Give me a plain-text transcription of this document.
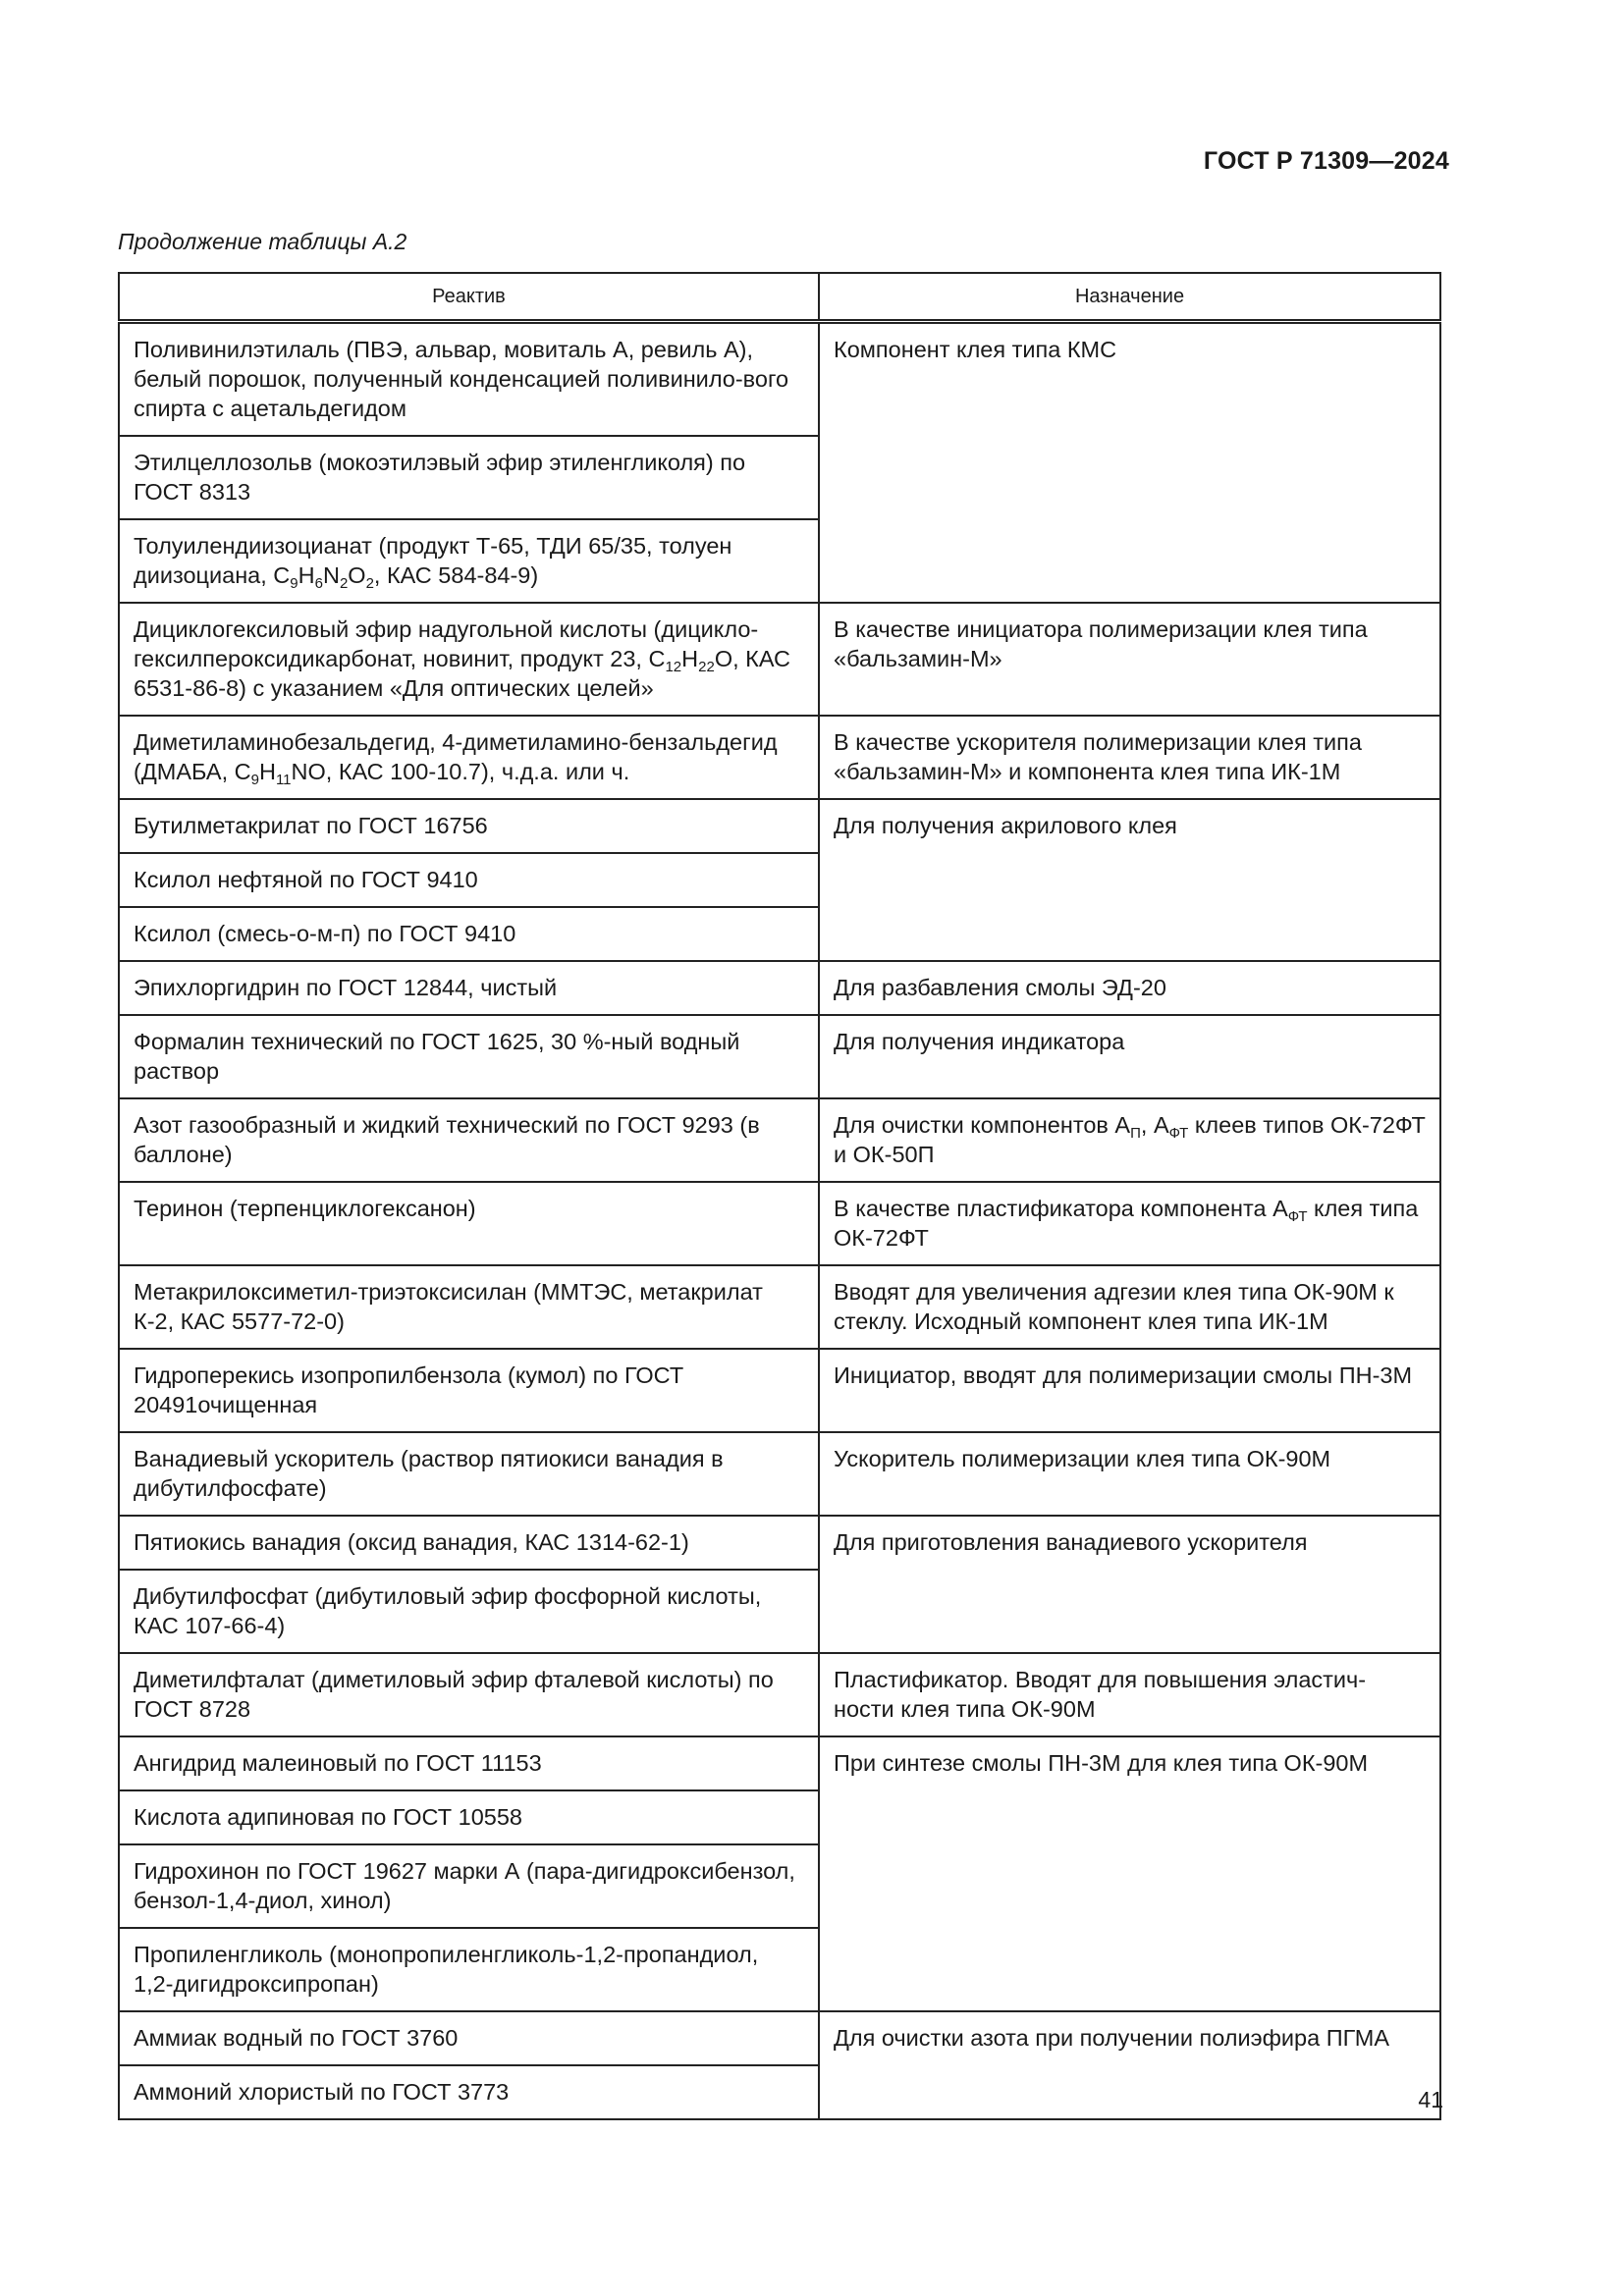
ГОСТ Р 71309—2024
Продолжение таблицы А.2
Реактив	Назначение
Поливинилэтилаль (ПВЭ, альвар, мовиталь А, ревиль А), белый порошок, полученный конденсацией поливинило-вого спирта с ацетальдегидом	Компонент клея типа КМС
Этилцеллозольв (мокоэтилэвый эфир этиленгликоля) по ГОСТ 8313	
Толуилендиизоцианат (продукт Т-65, ТДИ 65/35, толуен диизоциана, $C_9H_6N_2O_2$, КАС 584-84-9)	
Дициклогексиловый эфир надугольной кислоты (дицикло-гексилпероксидикарбонат, новинит, продукт 23, $C_{12}H_{22}O$, КАС 6531-86-8) с указанием «Для оптических целей»	В качестве инициатора полимеризации клея типа «бальзамин-М»
Диметиламинобезальдегид, 4-диметиламино-бензальдегид (ДМАБА, $C_9H_{11}NO$, КАС 100-10.7), ч.д.а. или ч.	В качестве ускорителя полимеризации клея типа «бальзамин-М» и компонента клея типа ИК-1М
Бутилметакрилат по ГОСТ 16756	Для получения акрилового клея
Ксилол нефтяной по ГОСТ 9410	
Ксилол (смесь-о-м-п) по ГОСТ 9410	
Эпихлоргидрин по ГОСТ 12844, чистый	Для разбавления смолы ЭД-20
Формалин технический по ГОСТ 1625, 30 %-ный водный раствор	Для получения индикатора
Азот газообразный и жидкий технический по ГОСТ 9293 (в баллоне)	Для очистки компонентов $А_П$, $А_{ФТ}$ клеев типов ОК-72ФТ и ОК-50П
Теринон (терпенциклогексанон)	В качестве пластификатора компонента $А_{ФТ}$ клея типа ОК-72ФТ
Метакрилоксиметил-триэтоксисилан (ММТЭС, метакрилат К-2, КАС 5577-72-0)	Вводят для увеличения адгезии клея типа ОК-90М к стеклу. Исходный компонент клея типа ИК-1М
Гидроперекись изопропилбензола (кумол) по ГОСТ 20491очищенная	Инициатор, вводят для полимеризации смолы ПН-3М
Ванадиевый ускоритель (раствор пятиокиси ванадия в дибутилфосфате)	Ускоритель полимеризации клея типа ОК-90М
Пятиокись ванадия (оксид ванадия, КАС 1314-62-1)	Для приготовления ванадиевого ускорителя
Дибутилфосфат (дибутиловый эфир фосфорной кислоты, КАС 107-66-4)	
Диметилфталат (диметиловый эфир фталевой кислоты) по ГОСТ 8728	Пластификатор. Вводят для повышения эластич-ности клея типа ОК-90М
Ангидрид малеиновый по ГОСТ 11153	При синтезе смолы ПН-3М для клея типа ОК-90М
Кислота адипиновая по ГОСТ 10558	
Гидрохинон по ГОСТ 19627 марки А (пара-дигидроксибензол, бензол-1,4-диол, хинол)	
Пропиленгликоль (монопропиленгликоль-1,2-пропандиол, 1,2-дигидроксипропан)	
Аммиак водный по ГОСТ 3760	Для очистки азота при получении полиэфира ПГМА
Аммоний хлористый по ГОСТ 3773		41
